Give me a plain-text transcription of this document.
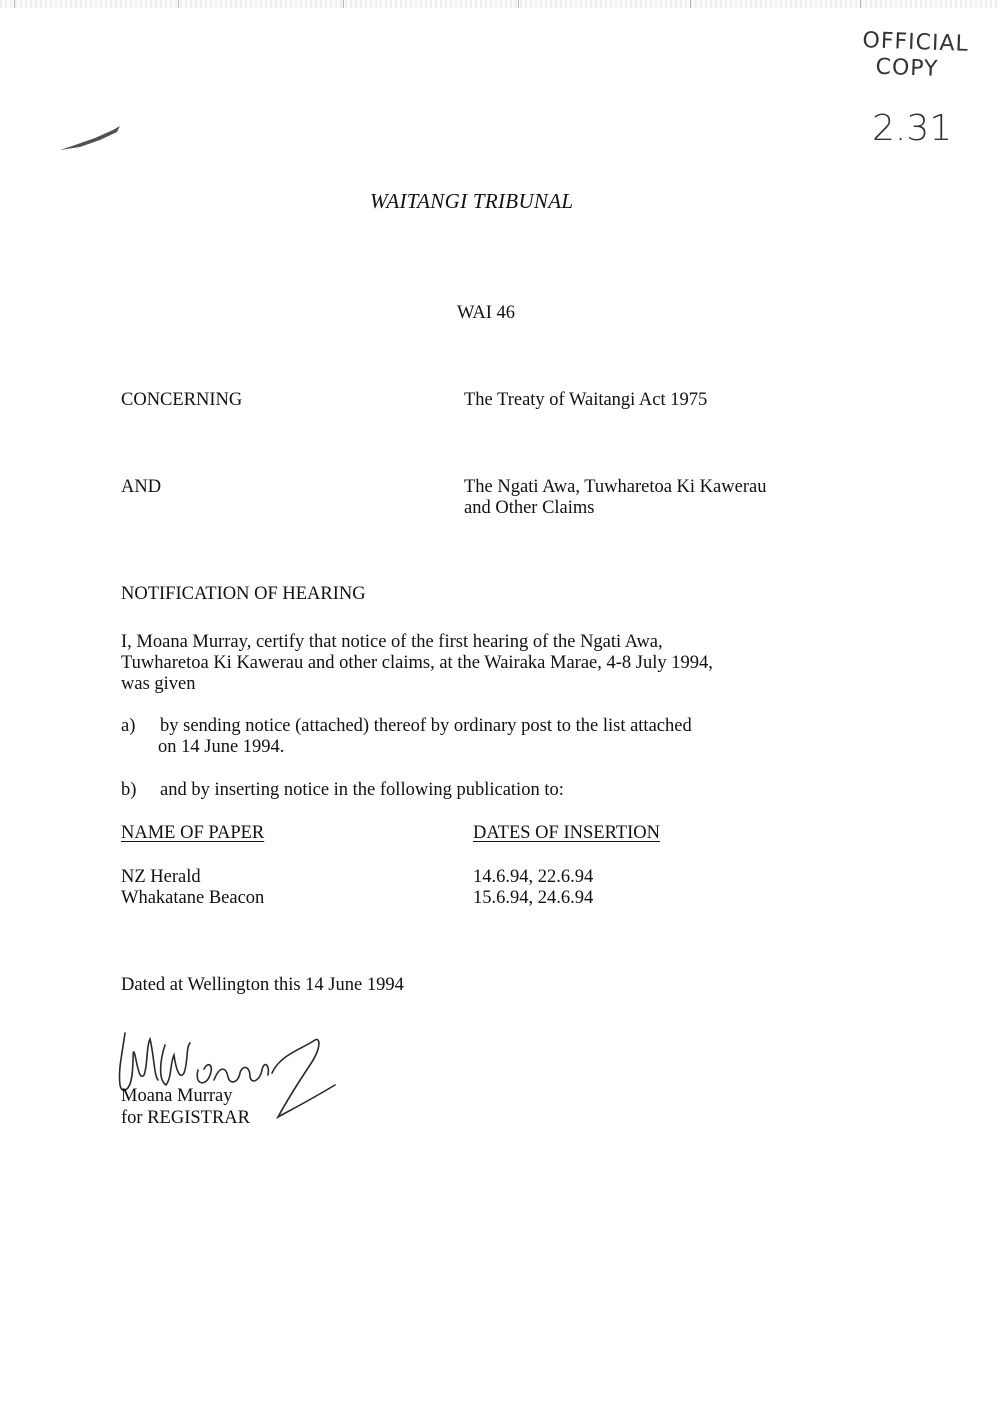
OFFICIAL
COPY
2.31
WAITANGI TRIBUNAL
WAI 46
CONCERNING	The Treaty of Waitangi Act 1975
AND	The Ngati Awa, Tuwharetoa Ki Kawerau
and Other Claims
NOTIFICATION OF HEARING
I, Moana Murray, certify that notice of the first hearing of the Ngati Awa,
Tuwharetoa Ki Kawerau and other claims, at the Wairaka Marae, 4-8 July 1994,
was given
a) by sending notice (attached) thereof by ordinary post to the list attached
on 14 June 1994.
b) and by inserting notice in the following publication to:
NAME OF PAPER	DATES OF INSERTION
NZ Herald	14.6.94, 22.6.94
Whakatane Beacon	15.6.94, 24.6.94
Dated at Wellington this 14 June 1994
Moana Murray
for REGISTRAR
